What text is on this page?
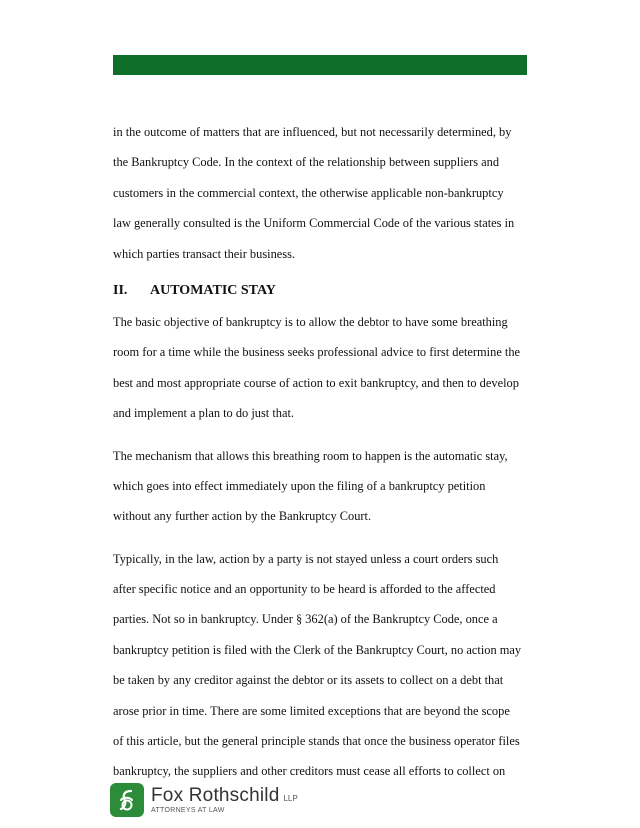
in the outcome of matters that are influenced, but not necessarily determined, by
the Bankruptcy Code. In the context of the relationship between suppliers and
customers in the commercial context, the otherwise applicable non-bankruptcy
law generally consulted is the Uniform Commercial Code of the various states in
which parties transact their business.
II. AUTOMATIC STAY
The basic objective of bankruptcy is to allow the debtor to have some breathing
room for a time while the business seeks professional advice to first determine the
best and most appropriate course of action to exit bankruptcy, and then to develop
and implement a plan to do just that.
The mechanism that allows this breathing room to happen is the automatic stay,
which goes into effect immediately upon the filing of a bankruptcy petition
without any further action by the Bankruptcy Court.
Typically, in the law, action by a party is not stayed unless a court orders such
after specific notice and an opportunity to be heard is afforded to the affected
parties. Not so in bankruptcy. Under § 362(a) of the Bankruptcy Code, once a
bankruptcy petition is filed with the Clerk of the Bankruptcy Court, no action may
be taken by any creditor against the debtor or its assets to collect on a debt that
arose prior in time. There are some limited exceptions that are beyond the scope
of this article, but the general principle stands that once the business operator files
bankruptcy, the suppliers and other creditors must cease all efforts to collect on
Fox Rothschild LLP
ATTORNEYS AT LAW
